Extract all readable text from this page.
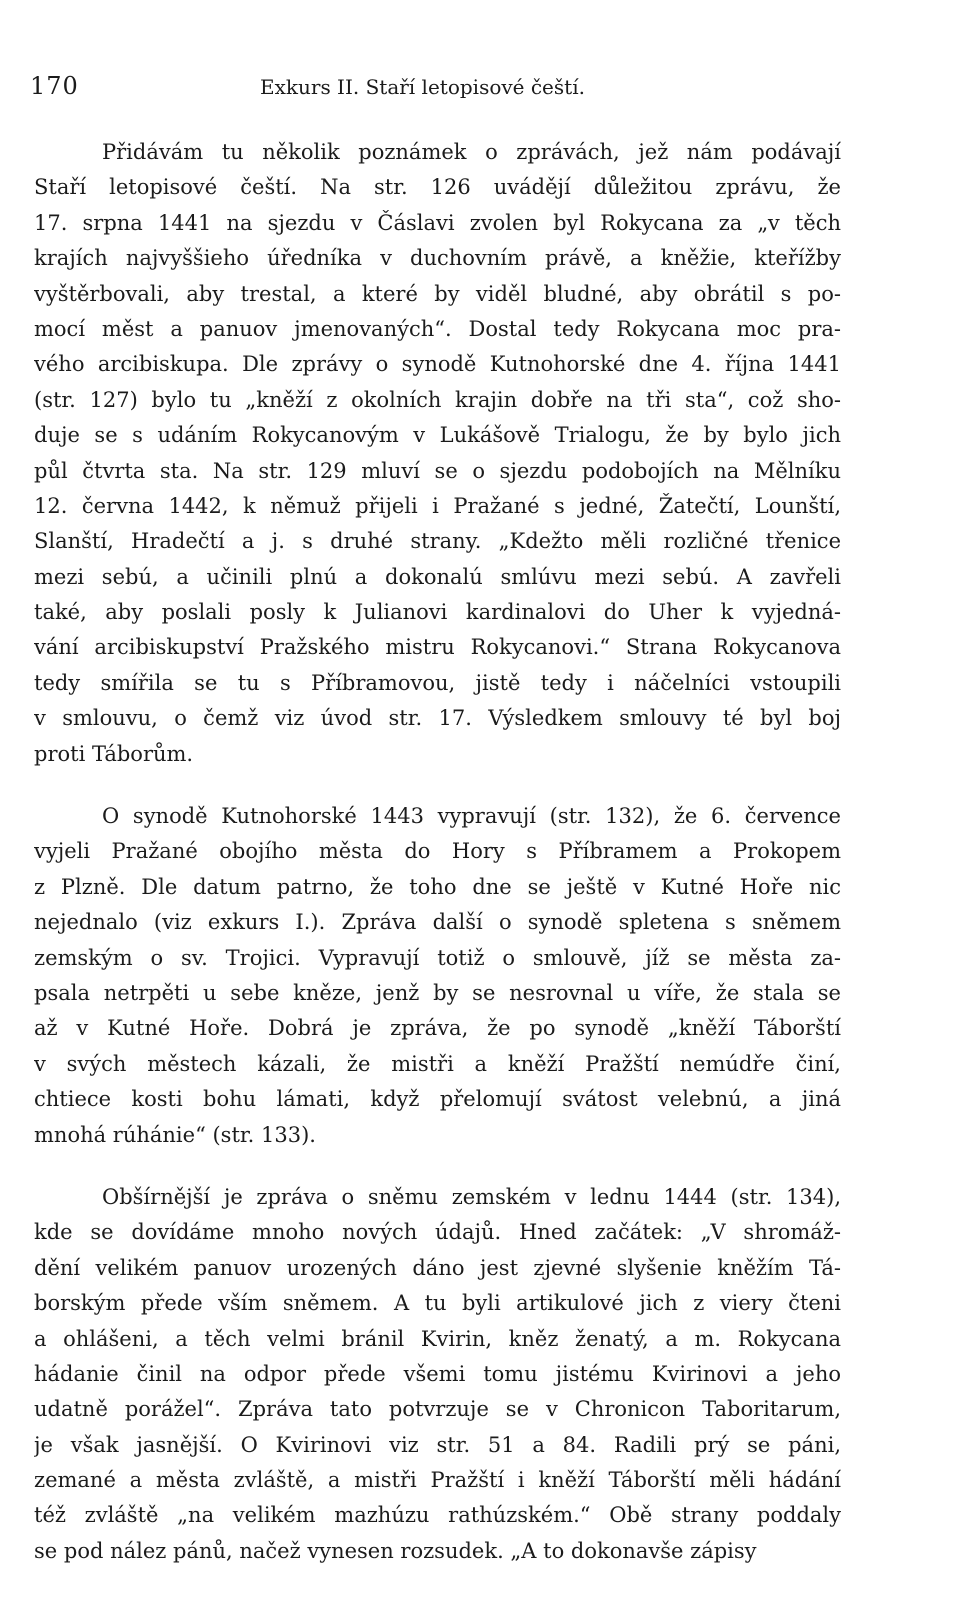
170	Exkurs II. Staří letopisové čeští.
Přidávám tu několik poznámek o zprávách, jež nám podávají
Staří letopisové čeští. Na str. 126 uvádějí důležitou zprávu, že
17. srpna 1441 na sjezdu v Čáslavi zvolen byl Rokycana za „v těch
krajích najvyššieho úředníka v duchovním právě, a kněžie, kteřížby
vyštěrbovali, aby trestal, a které by viděl bludné, aby obrátil s po-
mocí měst a panuov jmenovaných“. Dostal tedy Rokycana moc pra-
vého arcibiskupa. Dle zprávy o synodě Kutnohorské dne 4. října 1441
(str. 127) bylo tu „kněží z okolních krajin dobře na tři sta“, což sho-
duje se s udáním Rokycanovým v Lukášově Trialogu, že by bylo jich
půl čtvrta sta. Na str. 129 mluví se o sjezdu podobojích na Mělníku
12. června 1442, k němuž přijeli i Pražané s jedné, Žatečtí, Lounští,
Slanští, Hradečtí a j. s druhé strany. „Kdežto měli rozličné třenice
mezi sebú, a učinili plnú a dokonalú smlúvu mezi sebú. A zavřeli
také, aby poslali posly k Julianovi kardinalovi do Uher k vyjedná-
vání arcibiskupství Pražského mistru Rokycanovi.“ Strana Rokycanova
tedy smířila se tu s Příbramovou, jistě tedy i náčelníci vstoupili
v smlouvu, o čemž viz úvod str. 17. Výsledkem smlouvy té byl boj
proti Táborům.
O synodě Kutnohorské 1443 vypravují (str. 132), že 6. července
vyjeli Pražané obojího města do Hory s Příbramem a Prokopem
z Plzně. Dle datum patrno, že toho dne se ještě v Kutné Hoře nic
nejednalo (viz exkurs I.). Zpráva další o synodě spletena s sněmem
zemským o sv. Trojici. Vypravují totiž o smlouvě, jíž se města za-
psala netrpěti u sebe kněze, jenž by se nesrovnal u víře, že stala se
až v Kutné Hoře. Dobrá je zpráva, že po synodě „kněží Táborští
v svých městech kázali, že mistři a kněží Pražští nemúdře činí,
chtiece kosti bohu lámati, když přelomují svátost velebnú, a jiná
mnohá rúhánie“ (str. 133).
Obšírnější je zpráva o sněmu zemském v lednu 1444 (str. 134),
kde se dovídáme mnoho nových údajů. Hned začátek: „V shromáž-
dění velikém panuov urozených dáno jest zjevné slyšenie kněžím Tá-
borským přede vším sněmem. A tu byli artikulové jich z viery čteni
a ohlášeni, a těch velmi bránil Kvirin, kněz ženatý, a m. Rokycana
hádanie činil na odpor přede všemi tomu jistému Kvirinovi a jeho
udatně porážel“. Zpráva tato potvrzuje se v Chronicon Taboritarum,
je však jasnější. O Kvirinovi viz str. 51 a 84. Radili prý se páni,
zemané a města zvláště, a mistři Pražští i kněží Táborští měli hádání
též zvláště „na velikém mazhúzu rathúzském.“ Obě strany poddaly
se pod nález pánů, načež vynesen rozsudek. „A to dokonavše zápisy
